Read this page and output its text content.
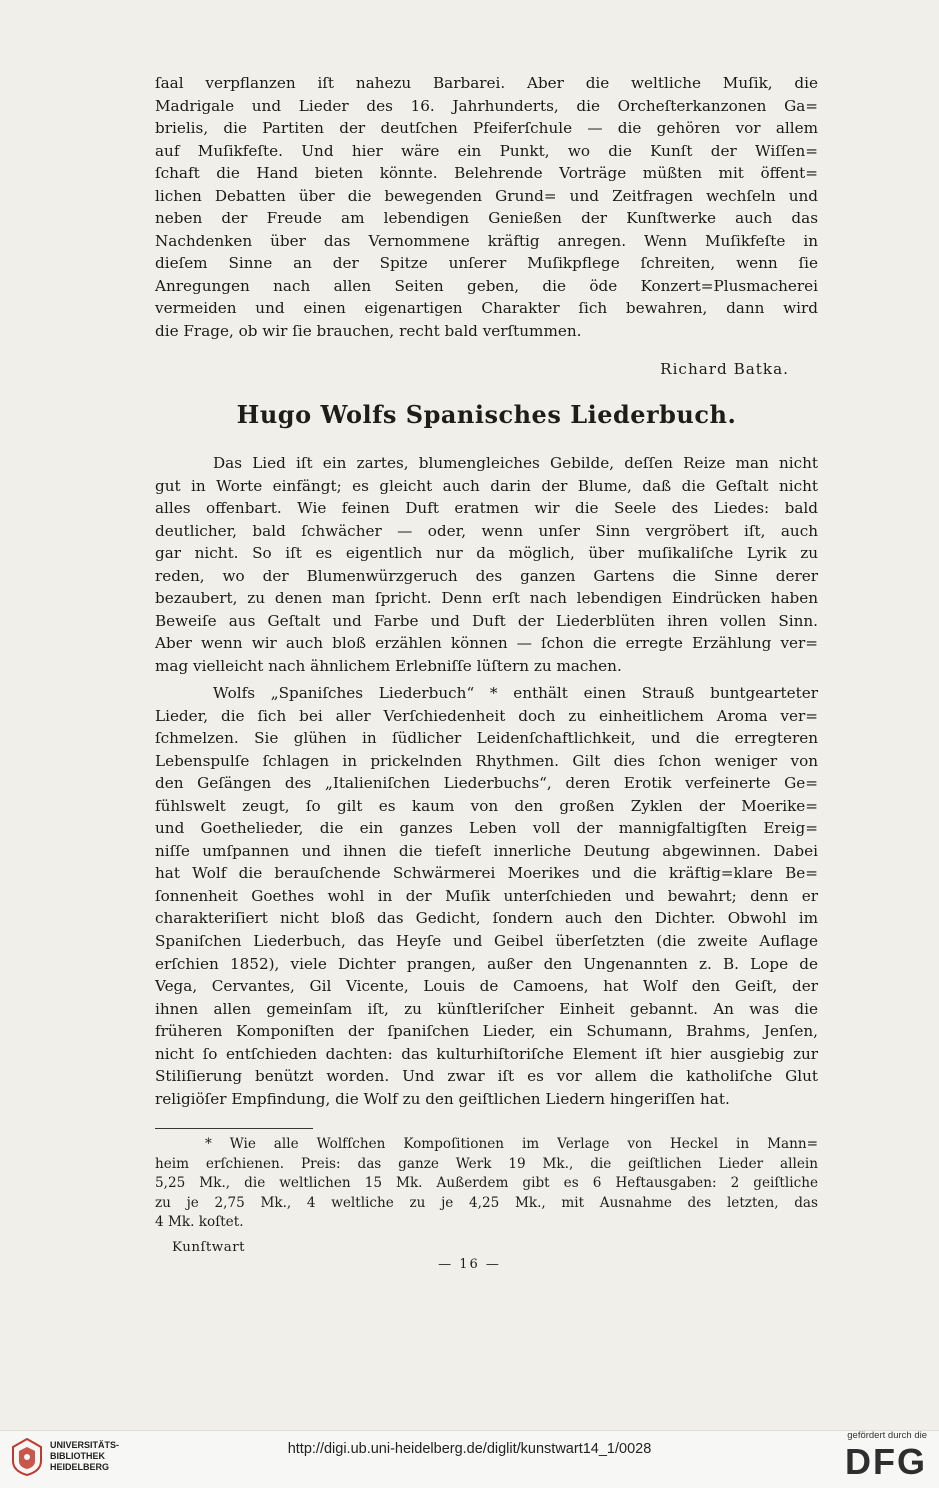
ſaal verpflanzen iſt nahezu Barbarei. Aber die weltliche Muſik, die
Madrigale und Lieder des 16. Jahrhunderts, die Orcheſterkanzonen Ga=
brielis, die Partiten der deutſchen Pfeiferſchule — die gehören vor allem
auf Muſikfeſte. Und hier wäre ein Punkt, wo die Kunſt der Wiſſen=
ſchaft die Hand bieten könnte. Belehrende Vorträge müßten mit öffent=
lichen Debatten über die bewegenden Grund= und Zeitfragen wechſeln und
neben der Freude am lebendigen Genießen der Kunſtwerke auch das
Nachdenken über das Vernommene kräftig anregen. Wenn Muſikfeſte in
dieſem Sinne an der Spitze unſerer Muſikpflege ſchreiten, wenn ſie
Anregungen nach allen Seiten geben, die öde Konzert=Plusmacherei
vermeiden und einen eigenartigen Charakter ſich bewahren, dann wird
die Frage, ob wir ſie brauchen, recht bald verſtummen.
Richard Batka.
Hugo Wolfs Spanisches Liederbuch.
Das Lied iſt ein zartes, blumengleiches Gebilde, deſſen Reize man nicht
gut in Worte einfängt; es gleicht auch darin der Blume, daß die Geſtalt nicht
alles offenbart. Wie feinen Duft eratmen wir die Seele des Liedes: bald
deutlicher, bald ſchwächer — oder, wenn unſer Sinn vergröbert iſt, auch
gar nicht. So iſt es eigentlich nur da möglich, über muſikaliſche Lyrik zu
reden, wo der Blumenwürzgeruch des ganzen Gartens die Sinne derer
bezaubert, zu denen man ſpricht. Denn erſt nach lebendigen Eindrücken haben
Beweiſe aus Geſtalt und Farbe und Duft der Liederblüten ihren vollen Sinn.
Aber wenn wir auch bloß erzählen können — ſchon die erregte Erzählung ver=
mag vielleicht nach ähnlichem Erlebniſſe lüſtern zu machen.
Wolfs „Spaniſches Liederbuch“ * enthält einen Strauß buntgearteter
Lieder, die ſich bei aller Verſchiedenheit doch zu einheitlichem Aroma ver=
ſchmelzen. Sie glühen in ſüdlicher Leidenſchaftlichkeit, und die erregteren
Lebenspulſe ſchlagen in prickelnden Rhythmen. Gilt dies ſchon weniger von
den Geſängen des „Italieniſchen Liederbuchs“, deren Erotik verfeinerte Ge=
fühlswelt zeugt, ſo gilt es kaum von den großen Zyklen der Moerike=
und Goethelieder, die ein ganzes Leben voll der mannigfaltigſten Ereig=
niſſe umſpannen und ihnen die tiefeſt innerliche Deutung abgewinnen. Dabei
hat Wolf die berauſchende Schwärmerei Moerikes und die kräftig=klare Be=
ſonnenheit Goethes wohl in der Muſik unterſchieden und bewahrt; denn er
charakteriſiert nicht bloß das Gedicht, ſondern auch den Dichter. Obwohl im
Spaniſchen Liederbuch, das Heyſe und Geibel überſetzten (die zweite Auflage
erſchien 1852), viele Dichter prangen, außer den Ungenannten z. B. Lope de
Vega, Cervantes, Gil Vicente, Louis de Camoens, hat Wolf den Geiſt, der
ihnen allen gemeinſam iſt, zu künſtleriſcher Einheit gebannt. An was die
früheren Komponiſten der ſpaniſchen Lieder, ein Schumann, Brahms, Jenſen,
nicht ſo entſchieden dachten: das kulturhiſtoriſche Element iſt hier ausgiebig zur
Stiliſierung benützt worden. Und zwar iſt es vor allem die katholiſche Glut
religiöſer Empfindung, die Wolf zu den geiſtlichen Liedern hingeriſſen hat.
* Wie alle Wolfſchen Kompoſitionen im Verlage von Heckel in Mann=
heim erſchienen. Preis: das ganze Werk 19 Mk., die geiſtlichen Lieder allein
5,25 Mk., die weltlichen 15 Mk. Außerdem gibt es 6 Heftausgaben: 2 geiſtliche
zu je 2,75 Mk., 4 weltliche zu je 4,25 Mk., mit Ausnahme des letzten, das
4 Mk. koſtet.
Kunſtwart
— 16 —
UNIVERSITÄTS-
BIBLIOTHEK
HEIDELBERG
http://digi.ub.uni-heidelberg.de/diglit/kunstwart14_1/0028
gefördert durch die
DFG
